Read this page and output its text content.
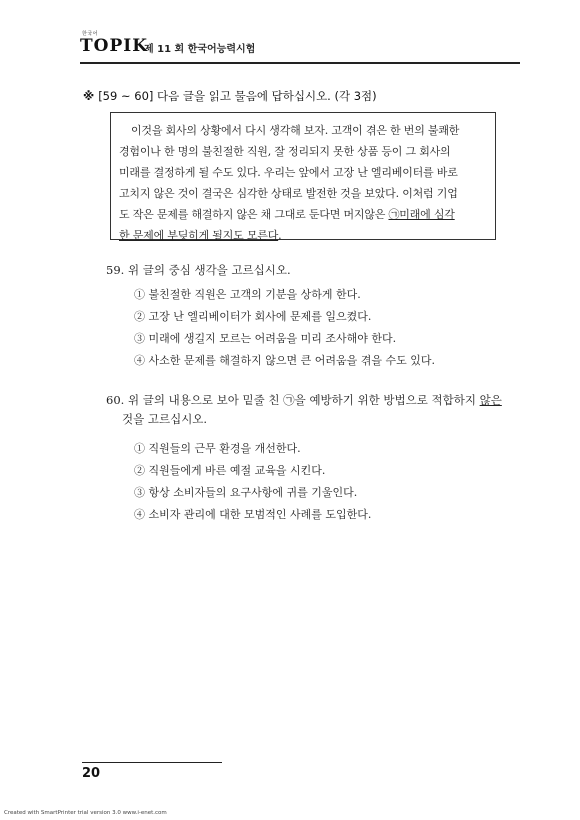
한국어
TOPIK
제 11 회 한국어능력시험
※ [59 ~ 60] 다음 글을 읽고 물음에 답하십시오. (각 3점)
이것을 회사의 상황에서 다시 생각해 보자. 고객이 겪은 한 번의 불쾌한
경험이나 한 명의 불친절한 직원, 잘 정리되지 못한 상품 등이 그 회사의
미래를 결정하게 될 수도 있다. 우리는 앞에서 고장 난 엘리베이터를 바로
고치지 않은 것이 결국은 심각한 상태로 발전한 것을 보았다. 이처럼 기업
도 작은 문제를 해결하지 않은 채 그대로 둔다면 머지않은 ㉠미래에 심각
한 문제에 부딪히게 될지도 모른다.
59. 위 글의 중심 생각을 고르십시오.
① 불친절한 직원은 고객의 기분을 상하게 한다.
② 고장 난 엘리베이터가 회사에 문제를 일으켰다.
③ 미래에 생길지 모르는 어려움을 미리 조사해야 한다.
④ 사소한 문제를 해결하지 않으면 큰 어려움을 겪을 수도 있다.
60. 위 글의 내용으로 보아 밑줄 친 ㉠을 예방하기 위한 방법으로 적합하지 않은
것을 고르십시오.
① 직원들의 근무 환경을 개선한다.
② 직원들에게 바른 예절 교육을 시킨다.
③ 항상 소비자들의 요구사항에 귀를 기울인다.
④ 소비자 관리에 대한 모범적인 사례를 도입한다.
20
Created with SmartPrinter trial version 3.0 www.i-enet.com
